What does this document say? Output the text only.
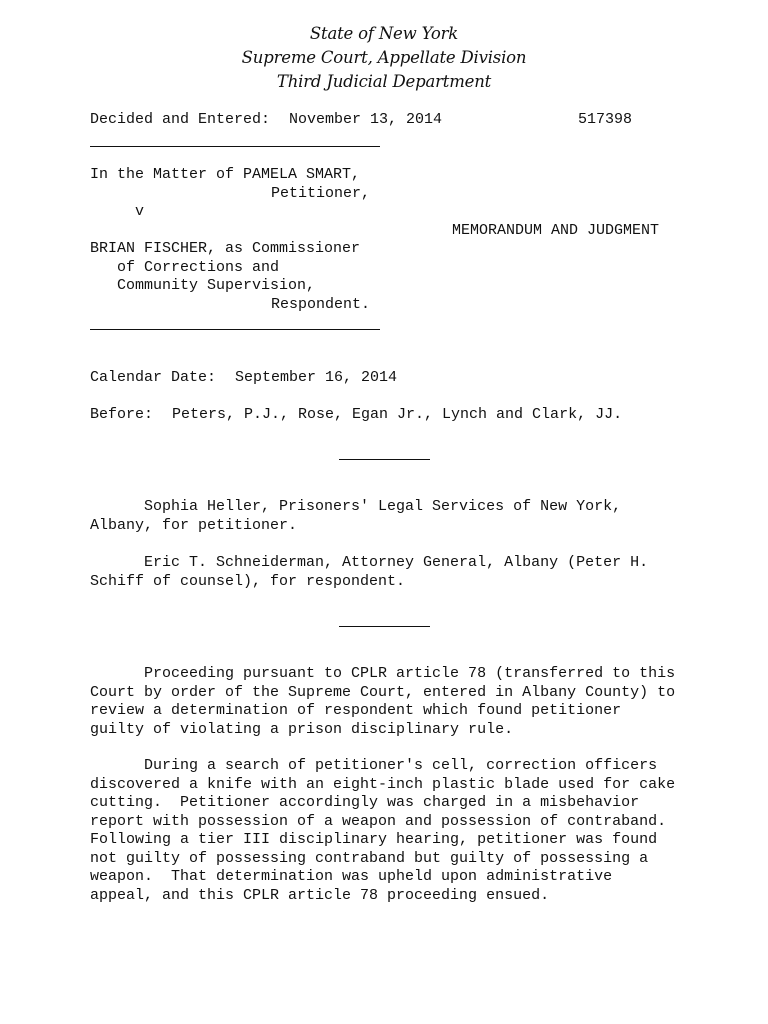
State of New York
Supreme Court, Appellate Division
Third Judicial Department
Decided and Entered: November 13, 2014	517398
In the Matter of PAMELA SMART,
Petitioner,
v
MEMORANDUM AND JUDGMENT
BRIAN FISCHER, as Commissioner
of Corrections and
Community Supervision,
Respondent.
Calendar Date: September 16, 2014
Before: Peters, P.J., Rose, Egan Jr., Lynch and Clark, JJ.
Sophia Heller, Prisoners' Legal Services of New York,
Albany, for petitioner.
Eric T. Schneiderman, Attorney General, Albany (Peter H.
Schiff of counsel), for respondent.
Proceeding pursuant to CPLR article 78 (transferred to this
Court by order of the Supreme Court, entered in Albany County) to
review a determination of respondent which found petitioner
guilty of violating a prison disciplinary rule.
During a search of petitioner's cell, correction officers
discovered a knife with an eight-inch plastic blade used for cake
cutting.  Petitioner accordingly was charged in a misbehavior
report with possession of a weapon and possession of contraband.
Following a tier III disciplinary hearing, petitioner was found
not guilty of possessing contraband but guilty of possessing a
weapon.  That determination was upheld upon administrative
appeal, and this CPLR article 78 proceeding ensued.
